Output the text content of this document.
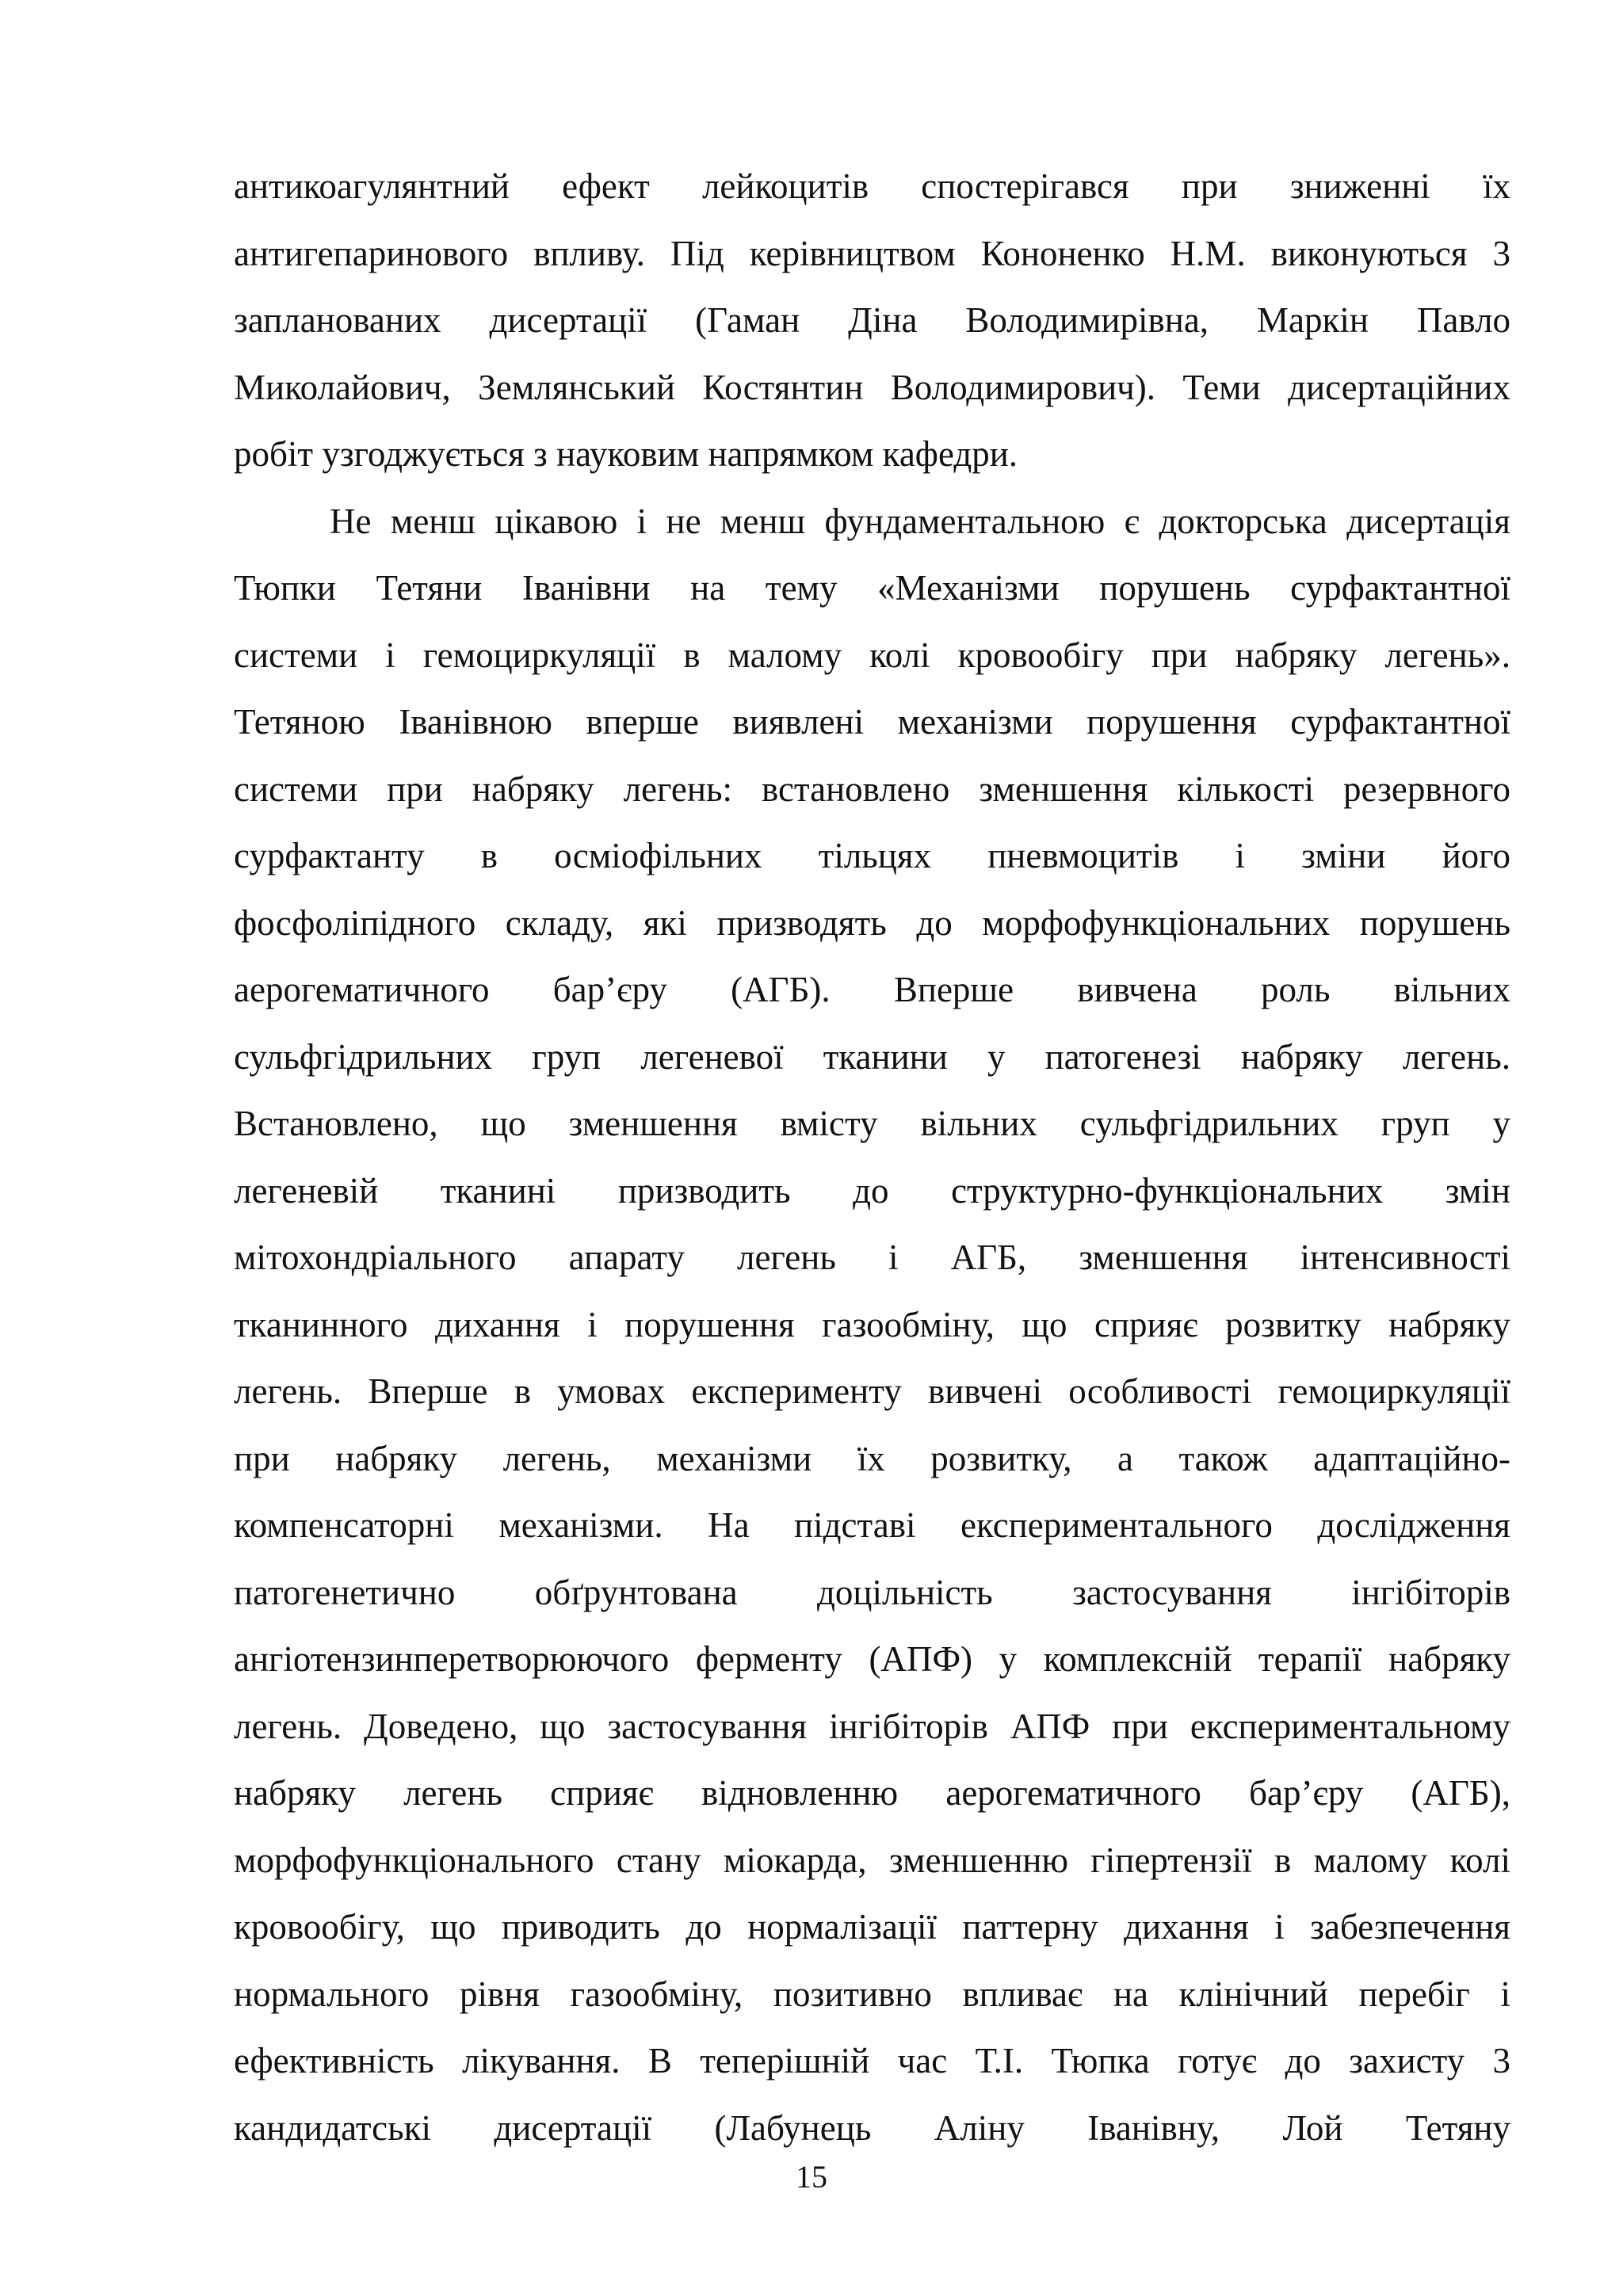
антикоагулянтний ефект лейкоцитів спостерігався при зниженні їх
антигепаринового впливу. Під керівництвом Кононенко Н.М. виконуються 3
запланованих дисертації (Гаман Діна Володимирівна, Маркін Павло
Миколайович, Землянський Костянтин Володимирович). Теми дисертаційних
робіт узгоджується з науковим напрямком кафедри.
Не менш цікавою і не менш фундаментальною є докторська дисертація
Тюпки Тетяни Іванівни на тему «Механізми порушень сурфактантної
системи і гемоциркуляції в малому колі кровообігу при набряку легень».
Тетяною Іванівною вперше виявлені механізми порушення сурфактантної
системи при набряку легень: встановлено зменшення кількості резервного
сурфактанту в осміофільних тільцях пневмоцитів і зміни його
фосфоліпідного складу, які призводять до морфофункціональних порушень
аерогематичного бар’єру (АГБ). Вперше вивчена роль вільних
сульфгідрильних груп легеневої тканини у патогенезі набряку легень.
Встановлено, що зменшення вмісту вільних сульфгідрильних груп у
легеневій тканині призводить до структурно-функціональних змін
мітохондріального апарату легень і АГБ, зменшення інтенсивності
тканинного дихання і порушення газообміну, що сприяє розвитку набряку
легень. Вперше в умовах експерименту вивчені особливості гемоциркуляції
при набряку легень, механізми їх розвитку, а також адаптаційно-
компенсаторні механізми. На підставі експериментального дослідження
патогенетично обґрунтована доцільність застосування інгібіторів
ангіотензинперетворюючого ферменту (АПФ) у комплексній терапії набряку
легень. Доведено, що застосування інгібіторів АПФ при експериментальному
набряку легень сприяє відновленню аерогематичного бар’єру (АГБ),
морфофункціонального стану міокарда, зменшенню гіпертензії в малому колі
кровообігу, що приводить до нормалізації паттерну дихання і забезпечення
нормального рівня газообміну, позитивно впливає на клінічний перебіг і
ефективність лікування. В теперішній час Т.І. Тюпка готує до захисту 3
кандидатські дисертації (Лабунець Аліну Іванівну, Лой Тетяну
15
